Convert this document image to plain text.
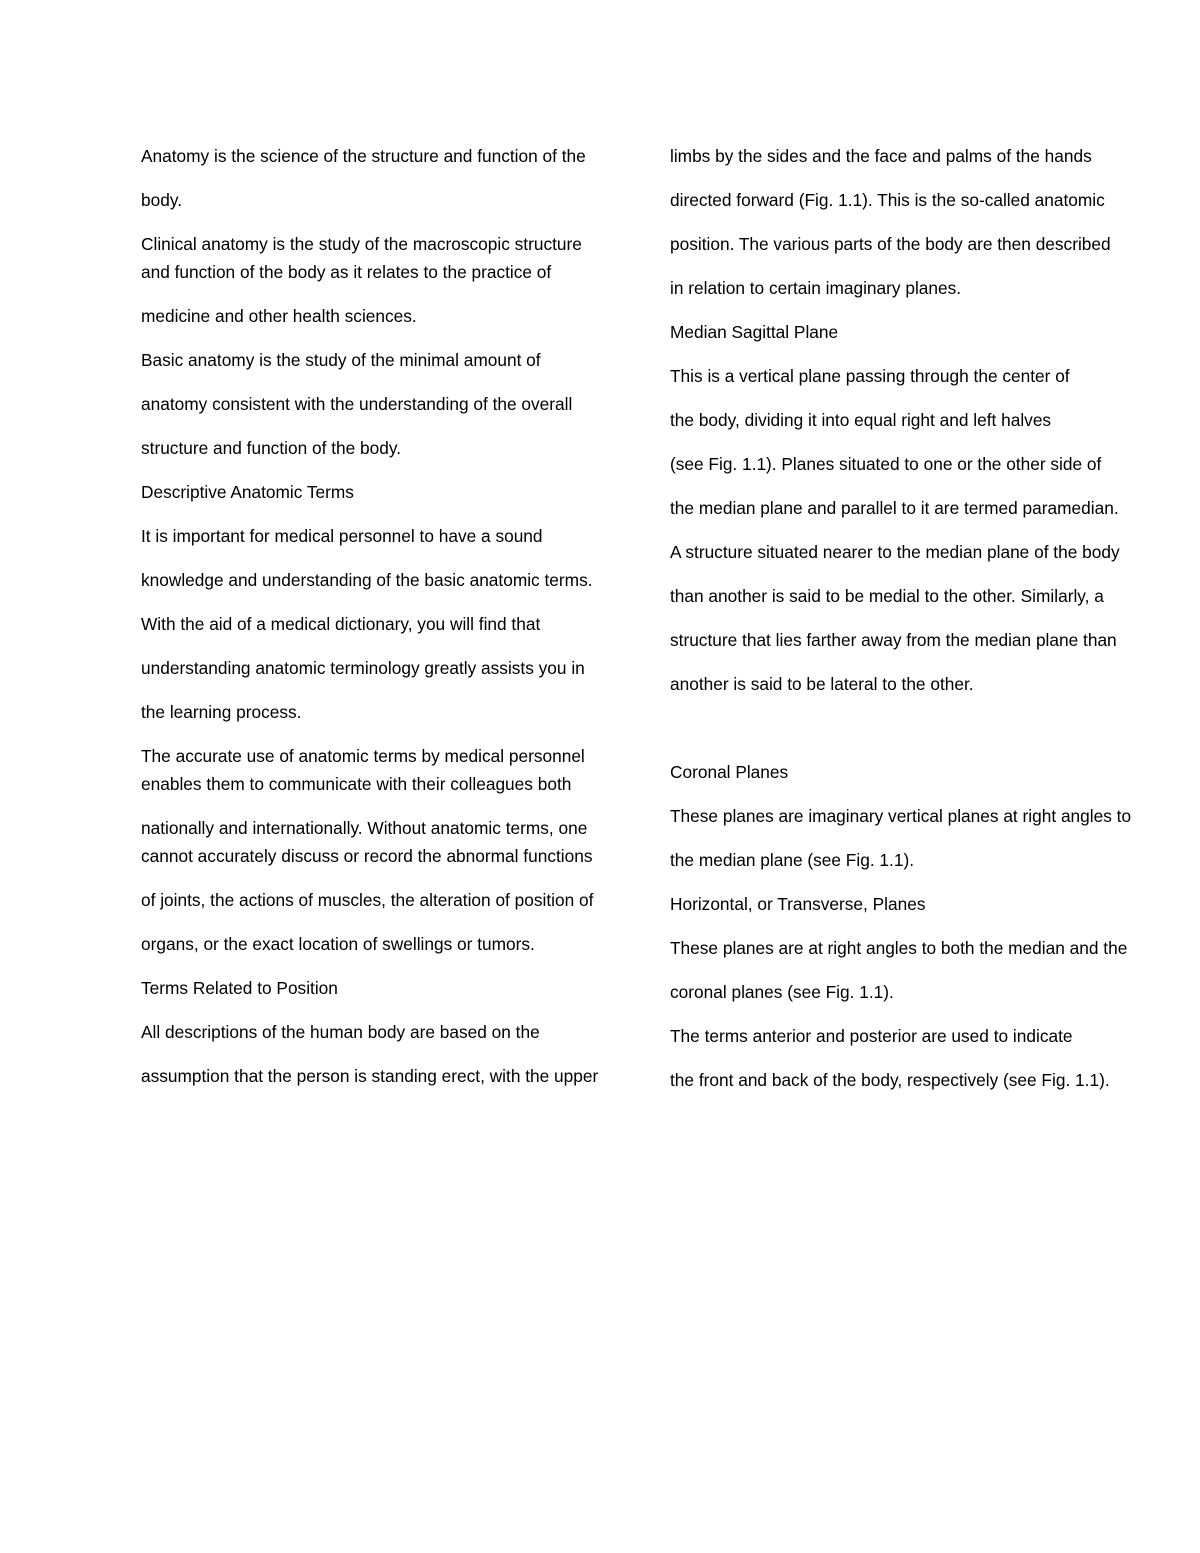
Anatomy is the science of the structure and function of the

body.

Clinical anatomy is the study of the macroscopic structure and function of the body as it relates to the practice of

medicine and other health sciences.

Basic anatomy is the study of the minimal amount of

anatomy consistent with the understanding of the overall

structure and function of the body.

Descriptive Anatomic Terms

It is important for medical personnel to have a sound

knowledge and understanding of the basic anatomic terms.

With the aid of a medical dictionary, you will find that

understanding anatomic terminology greatly assists you in

the learning process.

The accurate use of anatomic terms by medical personnel enables them to communicate with their colleagues both

nationally and internationally. Without anatomic terms, one cannot accurately discuss or record the abnormal functions

of joints, the actions of muscles, the alteration of position of

organs, or the exact location of swellings or tumors.

Terms Related to Position

All descriptions of the human body are based on the

assumption that the person is standing erect, with the upper

limbs by the sides and the face and palms of the hands

directed forward (Fig. 1.1). This is the so-called anatomic

position. The various parts of the body are then described

in relation to certain imaginary planes.

Median Sagittal Plane

This is a vertical plane passing through the center of

the body, dividing it into equal right and left halves

(see Fig. 1.1). Planes situated to one or the other side of

the median plane and parallel to it are termed paramedian.

A structure situated nearer to the median plane of the body

than another is said to be medial to the other. Similarly, a

structure that lies farther away from the median plane than

another is said to be lateral to the other.

Coronal Planes

These planes are imaginary vertical planes at right angles to

the median plane (see Fig. 1.1).

Horizontal, or Transverse, Planes

These planes are at right angles to both the median and the

coronal planes (see Fig. 1.1).

The terms anterior and posterior are used to indicate

the front and back of the body, respectively (see Fig. 1.1).
